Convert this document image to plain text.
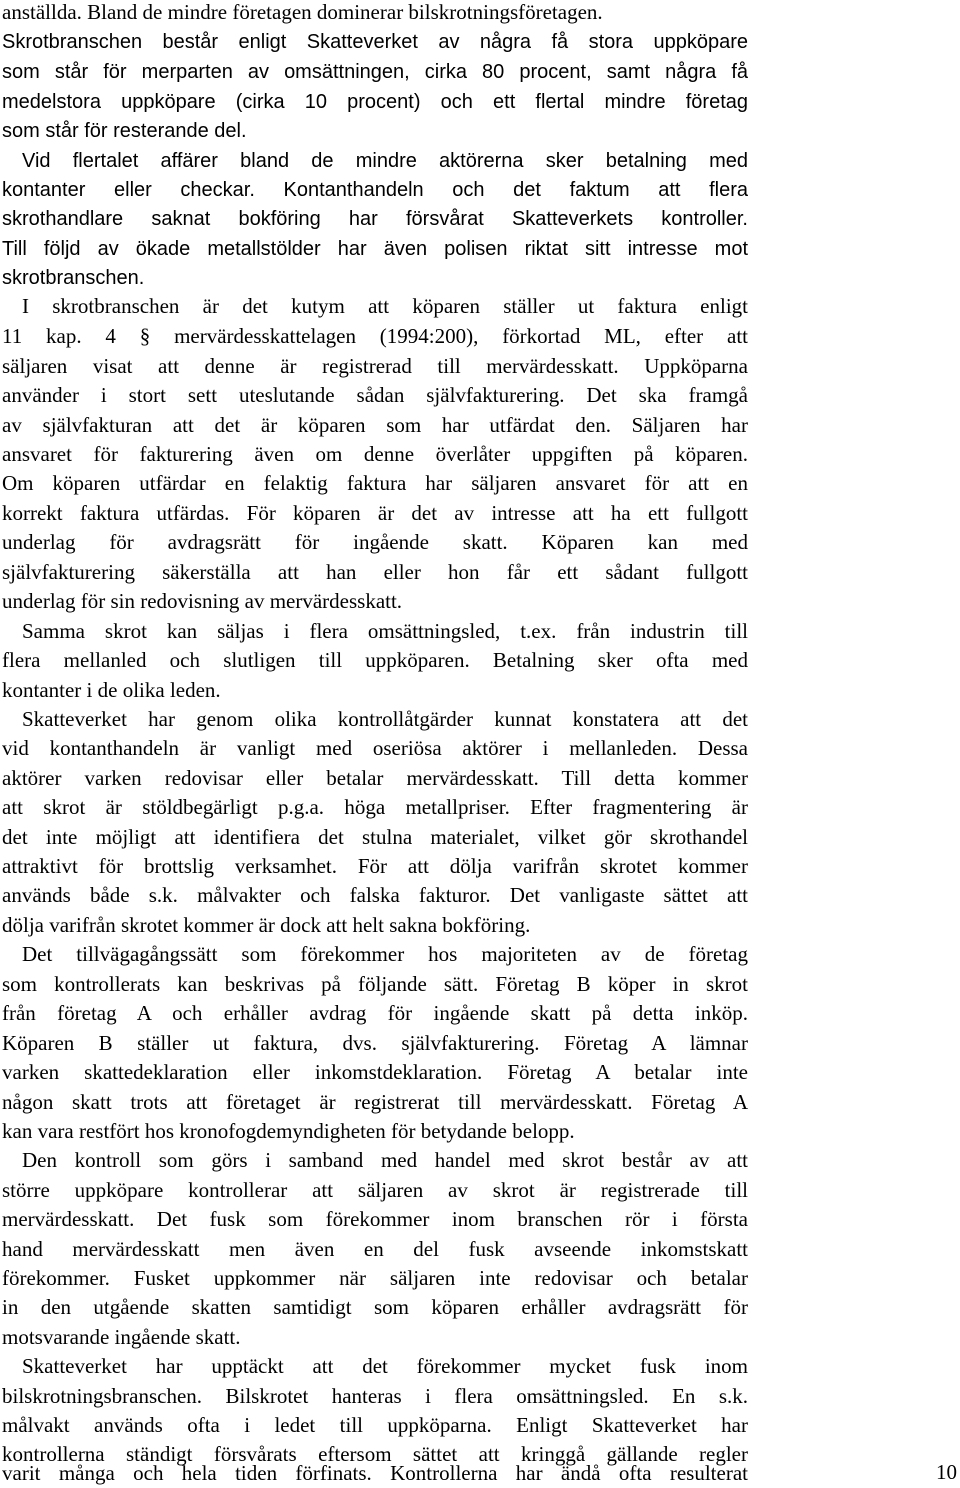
anställda. Bland de mindre företagen dominerar bilskrotningsföretagen.
Skrotbranschen består enligt Skatteverket av några få stora uppköpare
som står för merparten av omsättningen, cirka 80 procent, samt några få
medelstora uppköpare (cirka 10 procent) och ett flertal mindre företag
som står för resterande del.
Vid flertalet affärer bland de mindre aktörerna sker betalning med
kontanter eller checkar. Kontanthandeln och det faktum att flera
skrothandlare saknat bokföring har försvårat Skatteverkets kontroller.
Till följd av ökade metallstölder har även polisen riktat sitt intresse mot
skrotbranschen.
I skrotbranschen är det kutym att köparen ställer ut faktura enligt
11 kap. 4 § mervärdesskattelagen (1994:200), förkortad ML, efter att
säljaren visat att denne är registrerad till mervärdesskatt. Uppköparna
använder i stort sett uteslutande sådan självfakturering. Det ska framgå
av självfakturan att det är köparen som har utfärdat den. Säljaren har
ansvaret för fakturering även om denne överlåter uppgiften på köparen.
Om köparen utfärdar en felaktig faktura har säljaren ansvaret för att en
korrekt faktura utfärdas. För köparen är det av intresse att ha ett fullgott
underlag för avdragsrätt för ingående skatt. Köparen kan med
självfakturering säkerställa att han eller hon får ett sådant fullgott
underlag för sin redovisning av mervärdesskatt.
Samma skrot kan säljas i flera omsättningsled, t.ex. från industrin till
flera mellanled och slutligen till uppköparen. Betalning sker ofta med
kontanter i de olika leden.
Skatteverket har genom olika kontrollåtgärder kunnat konstatera att det
vid kontanthandeln är vanligt med oseriösa aktörer i mellanleden. Dessa
aktörer varken redovisar eller betalar mervärdesskatt. Till detta kommer
att skrot är stöldbegärligt p.g.a. höga metallpriser. Efter fragmentering är
det inte möjligt att identifiera det stulna materialet, vilket gör skrothandel
attraktivt för brottslig verksamhet. För att dölja varifrån skrotet kommer
används både s.k. målvakter och falska fakturor. Det vanligaste sättet att
dölja varifrån skrotet kommer är dock att helt sakna bokföring.
Det tillvägagångssätt som förekommer hos majoriteten av de företag
som kontrollerats kan beskrivas på följande sätt. Företag B köper in skrot
från företag A och erhåller avdrag för ingående skatt på detta inköp.
Köparen B ställer ut faktura, dvs. självfakturering. Företag A lämnar
varken skattedeklaration eller inkomstdeklaration. Företag A betalar inte
någon skatt trots att företaget är registrerat till mervärdesskatt. Företag A
kan vara restfört hos kronofogdemyndigheten för betydande belopp.
Den kontroll som görs i samband med handel med skrot består av att
större uppköpare kontrollerar att säljaren av skrot är registrerade till
mervärdesskatt. Det fusk som förekommer inom branschen rör i första
hand mervärdesskatt men även en del fusk avseende inkomstskatt
förekommer. Fusket uppkommer när säljaren inte redovisar och betalar
in den utgående skatten samtidigt som köparen erhåller avdragsrätt för
motsvarande ingående skatt.
Skatteverket har upptäckt att det förekommer mycket fusk inom
bilskrotningsbranschen. Bilskrotet hanteras i flera omsättningsled. En s.k.
målvakt används ofta i ledet till uppköparna. Enligt Skatteverket har
kontrollerna ständigt försvårats eftersom sättet att kringgå gällande regler
varit många och hela tiden förfinats. Kontrollerna har ändå ofta resulterat	10
